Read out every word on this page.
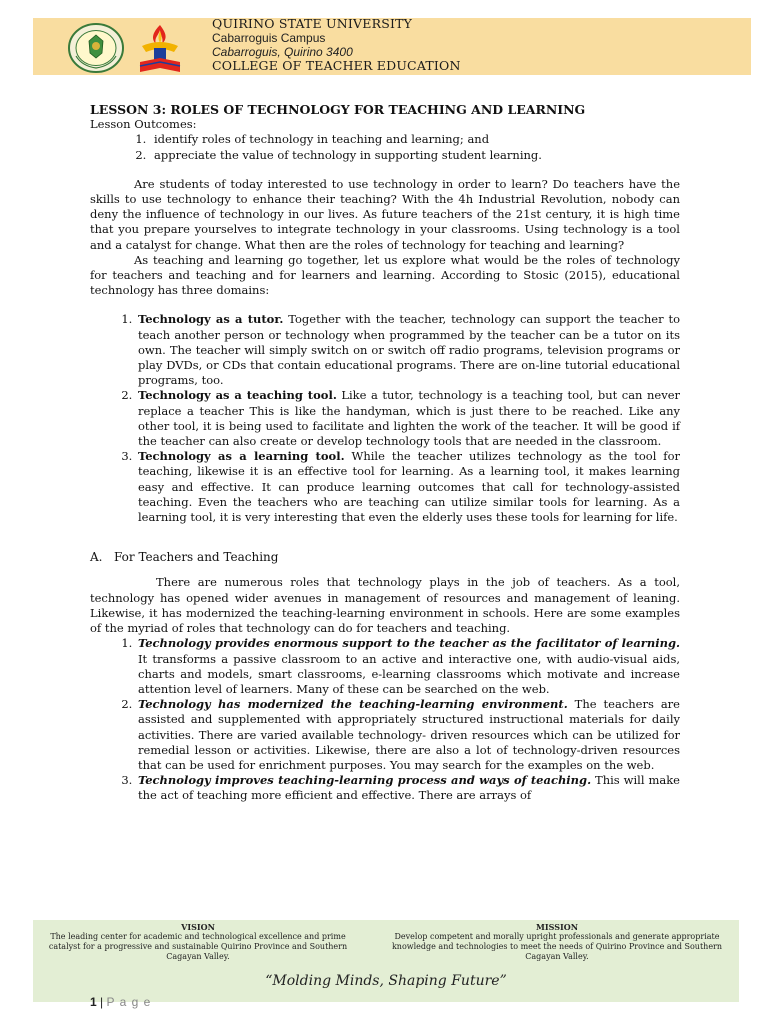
QUIRINO STATE UNIVERSITY
Cabarroguis Campus
Cabarroguis, Quirino 3400
COLLEGE OF TEACHER EDUCATION
LESSON 3: ROLES OF TECHNOLOGY FOR TEACHING AND LEARNING
Lesson Outcomes:
1. identify roles of technology in teaching and learning; and
2. appreciate the value of technology in supporting student learning.

Are students of today interested to use technology in order to learn? Do teachers have the skills to use technology to enhance their teaching? With the 4h Industrial Revolution, nobody can deny the influence of technology in our lives. As future teachers of the 21st century, it is high time that you prepare yourselves to integrate technology in your classrooms. Using technology is a tool and a catalyst for change. What then are the roles of technology for teaching and learning?

As teaching and learning go together, let us explore what would be the roles of technology for teachers and teaching and for learners and learning. According to Stosic (2015), educational technology has three domains:

1. Technology as a tutor. Together with the teacher, technology can support the teacher to teach another person or technology when programmed by the teacher can be a tutor on its own. The teacher will simply switch on or switch off radio programs, television programs or play DVDs, or CDs that contain educational programs. There are on-line tutorial educational programs, too.
2. Technology as a teaching tool. Like a tutor, technology is a teaching tool, but can never replace a teacher This is like the handyman, which is just there to be reached. Like any other tool, it is being used to facilitate and lighten the work of the teacher. It will be good if the teacher can also create or develop technology tools that are needed in the classroom.
3. Technology as a learning tool. While the teacher utilizes technology as the tool for teaching, likewise it is an effective tool for learning. As a learning tool, it makes learning easy and effective. It can produce learning outcomes that call for technology-assisted teaching. Even the teachers who are teaching can utilize similar tools for learning. As a learning tool, it is very interesting that even the elderly uses these tools for learning for life.
A. For Teachers and Teaching

There are numerous roles that technology plays in the job of teachers. As a tool, technology has opened wider avenues in management of resources and management of leaning. Likewise, it has modernized the teaching-learning environment in schools. Here are some examples of the myriad of roles that technology can do for teachers and teaching.

1. Technology provides enormous support to the teacher as the facilitator of learning. It transforms a passive classroom to an active and interactive one, with audio-visual aids, charts and models, smart classrooms, e-learning classrooms which motivate and increase attention level of learners. Many of these can be searched on the web.
2. Technology has modernized the teaching-learning environment. The teachers are assisted and supplemented with appropriately structured instructional materials for daily activities. There are varied available technology- driven resources which can be utilized for remedial lesson or activities. Likewise, there are also a lot of technology-driven resources that can be used for enrichment purposes. You may search for the examples on the web.
3. Technology improves teaching-learning process and ways of teaching. This will make the act of teaching more efficient and effective. There are arrays of
VISION
The leading center for academic and technological excellence and prime catalyst for a progressive and sustainable Quirino Province and Southern Cagayan Valley.
MISSION
Develop competent and morally upright professionals and generate appropriate knowledge and technologies to meet the needs of Quirino Province and Southern Cagayan Valley.
“Molding Minds, Shaping Future”
1 | P a g e
